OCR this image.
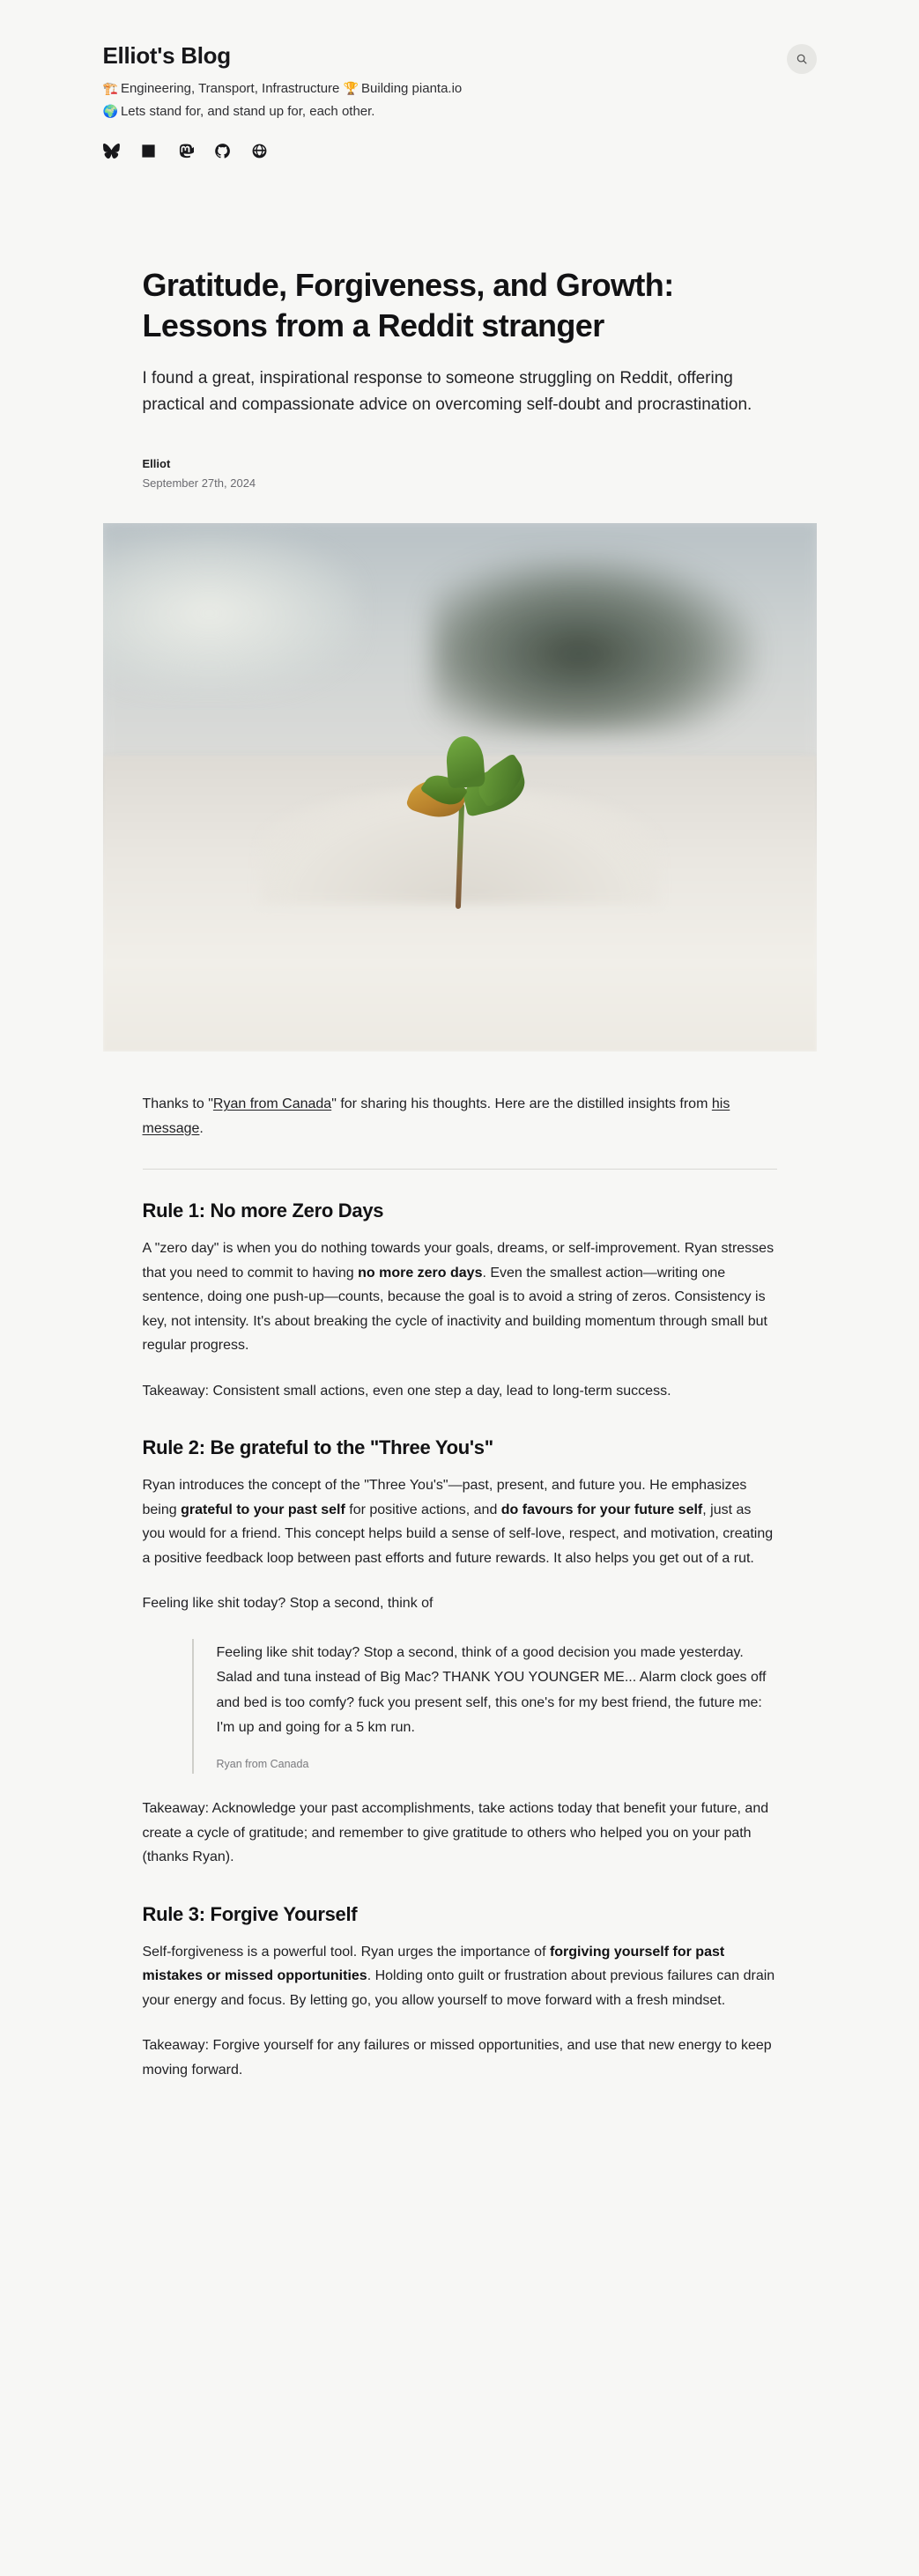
Elliot's Blog
🏗️ Engineering, Transport, Infrastructure 🏆 Building pianta.io
🌍 Lets stand for, and stand up for, each other.
Gratitude, Forgiveness, and Growth: Lessons from a Reddit stranger

I found a great, inspirational response to someone struggling on Reddit, offering practical and compassionate advice on overcoming self-doubt and procrastination.

Elliot
September 27th, 2024

Thanks to "Ryan from Canada" for sharing his thoughts. Here are the distilled insights from his message.

Rule 1: No more Zero Days

A "zero day" is when you do nothing towards your goals, dreams, or self-improvement. Ryan stresses that you need to commit to having no more zero days. Even the smallest action—writing one sentence, doing one push-up—counts, because the goal is to avoid a string of zeros. Consistency is key, not intensity. It's about breaking the cycle of inactivity and building momentum through small but regular progress.

Takeaway: Consistent small actions, even one step a day, lead to long-term success.

Rule 2: Be grateful to the "Three You's"

Ryan introduces the concept of the "Three You's"—past, present, and future you. He emphasizes being grateful to your past self for positive actions, and do favours for your future self, just as you would for a friend. This concept helps build a sense of self-love, respect, and motivation, creating a positive feedback loop between past efforts and future rewards. It also helps you get out of a rut.

Feeling like shit today? Stop a second, think of

Feeling like shit today? Stop a second, think of a good decision you made yesterday. Salad and tuna instead of Big Mac? THANK YOU YOUNGER ME... Alarm clock goes off and bed is too comfy? fuck you present self, this one's for my best friend, the future me: I'm up and going for a 5 km run.

Ryan from Canada

Takeaway: Acknowledge your past accomplishments, take actions today that benefit your future, and create a cycle of gratitude; and remember to give gratitude to others who helped you on your path (thanks Ryan).

Rule 3: Forgive Yourself

Self-forgiveness is a powerful tool. Ryan urges the importance of forgiving yourself for past mistakes or missed opportunities. Holding onto guilt or frustration about previous failures can drain your energy and focus. By letting go, you allow yourself to move forward with a fresh mindset.

Takeaway: Forgive yourself for any failures or missed opportunities, and use that new energy to keep moving forward.
